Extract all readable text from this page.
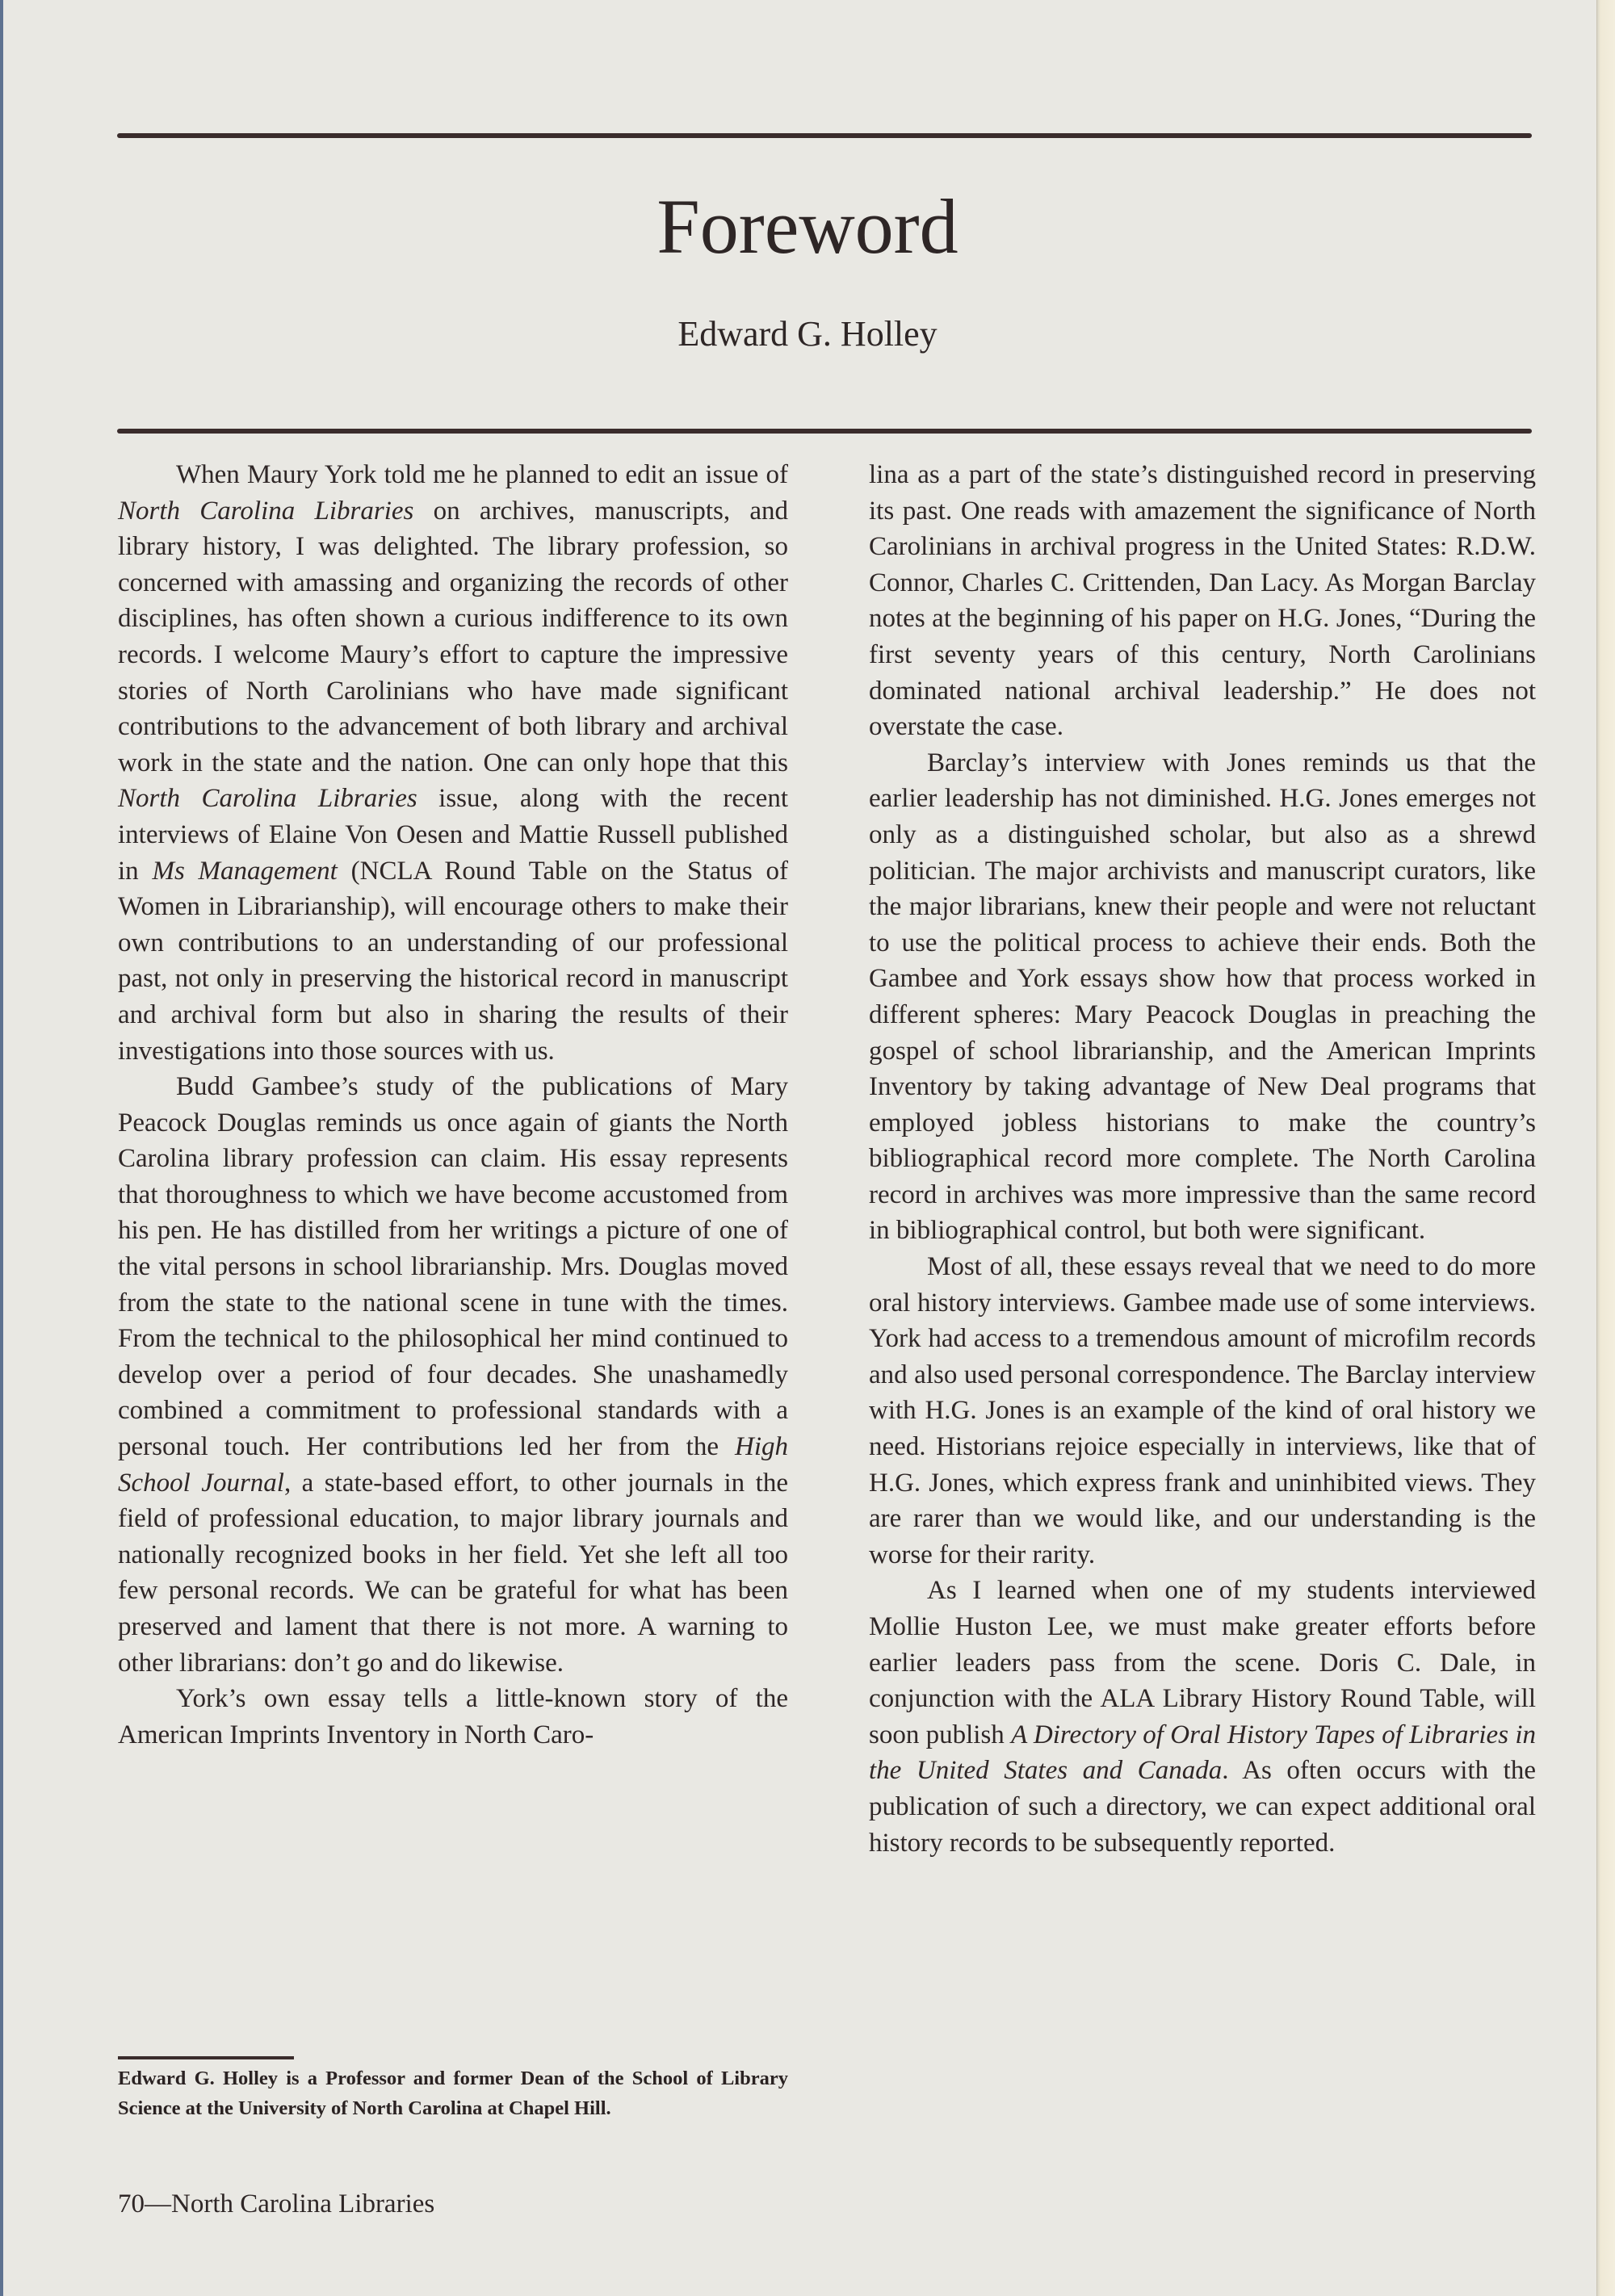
Foreword
Edward G. Holley

When Maury York told me he planned to edit an issue of North Carolina Libraries on archives, manuscripts, and library history, I was delighted. The library profession, so concerned with amassing and organizing the records of other disciplines, has often shown a curious indifference to its own records. I welcome Maury’s effort to capture the impressive stories of North Carolinians who have made significant contributions to the advancement of both library and archival work in the state and the nation. One can only hope that this North Carolina Libraries issue, along with the recent interviews of Elaine Von Oesen and Mattie Russell published in Ms Management (NCLA Round Table on the Status of Women in Librarianship), will encourage others to make their own contributions to an understanding of our professional past, not only in preserving the historical record in manuscript and archival form but also in sharing the results of their investigations into those sources with us.

Budd Gambee’s study of the publications of Mary Peacock Douglas reminds us once again of giants the North Carolina library profession can claim. His essay represents that thoroughness to which we have become accustomed from his pen. He has distilled from her writings a picture of one of the vital persons in school librarianship. Mrs. Douglas moved from the state to the national scene in tune with the times. From the technical to the philosophical her mind continued to develop over a period of four decades. She unashamedly combined a commitment to professional standards with a personal touch. Her contributions led her from the High School Journal, a state-based effort, to other journals in the field of professional education, to major library journals and nationally recognized books in her field. Yet she left all too few personal records. We can be grateful for what has been preserved and lament that there is not more. A warning to other librarians: don’t go and do likewise.

York’s own essay tells a little-known story of the American Imprints Inventory in North Caro-

lina as a part of the state’s distinguished record in preserving its past. One reads with amazement the significance of North Carolinians in archival progress in the United States: R.D.W. Connor, Charles C. Crittenden, Dan Lacy. As Morgan Barclay notes at the beginning of his paper on H.G. Jones, “During the first seventy years of this century, North Carolinians dominated national archival leadership.” He does not overstate the case.

Barclay’s interview with Jones reminds us that the earlier leadership has not diminished. H.G. Jones emerges not only as a distinguished scholar, but also as a shrewd politician. The major archivists and manuscript curators, like the major librarians, knew their people and were not reluctant to use the political process to achieve their ends. Both the Gambee and York essays show how that process worked in different spheres: Mary Peacock Douglas in preaching the gospel of school librarianship, and the American Imprints Inventory by taking advantage of New Deal programs that employed jobless historians to make the country’s bibliographical record more complete. The North Carolina record in archives was more impressive than the same record in bibliographical control, but both were significant.

Most of all, these essays reveal that we need to do more oral history interviews. Gambee made use of some interviews. York had access to a tremendous amount of microfilm records and also used personal correspondence. The Barclay interview with H.G. Jones is an example of the kind of oral history we need. Historians rejoice especially in interviews, like that of H.G. Jones, which express frank and uninhibited views. They are rarer than we would like, and our understanding is the worse for their rarity.

As I learned when one of my students interviewed Mollie Huston Lee, we must make greater efforts before earlier leaders pass from the scene. Doris C. Dale, in conjunction with the ALA Library History Round Table, will soon publish A Directory of Oral History Tapes of Libraries in the United States and Canada. As often occurs with the publication of such a directory, we can expect additional oral history records to be subsequently reported.

Edward G. Holley is a Professor and former Dean of the School of Library Science at the University of North Carolina at Chapel Hill.
70—North Carolina Libraries
